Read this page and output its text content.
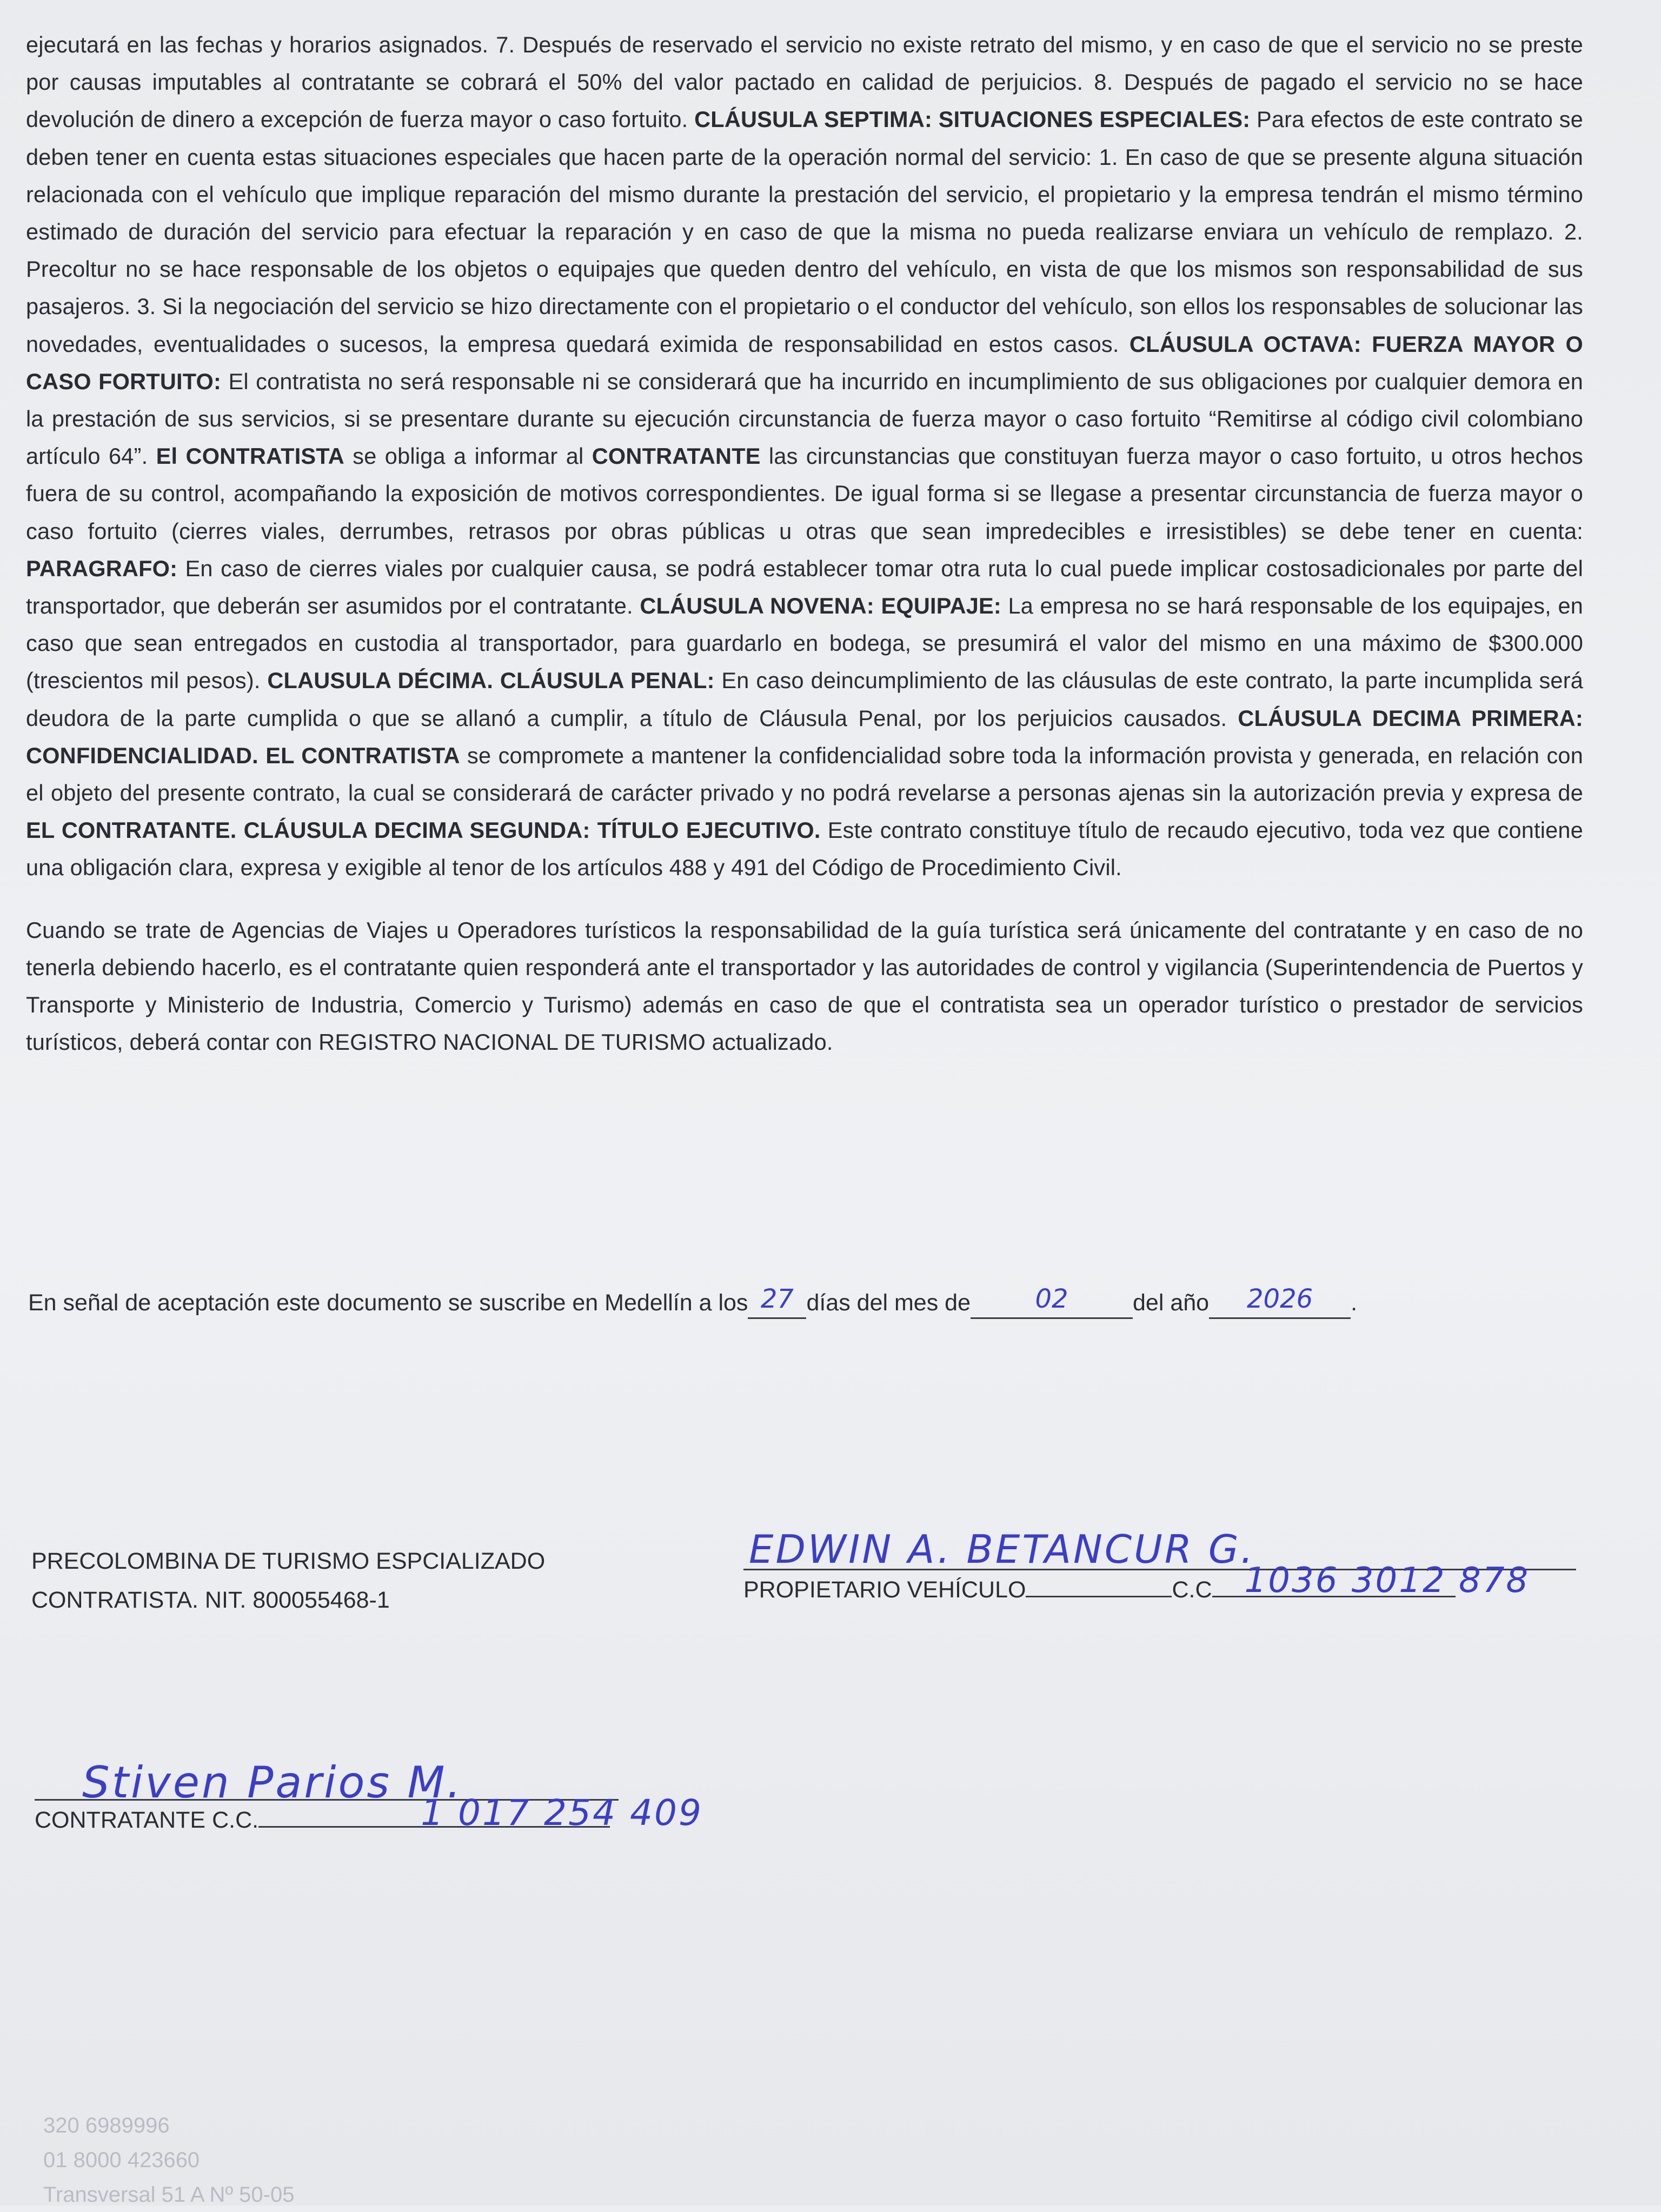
ejecutará en las fechas y horarios asignados. 7. Después de reservado el servicio no existe retrato del mismo, y en caso de que el servicio no se preste por causas imputables al contratante se cobrará el 50% del valor pactado en calidad de perjuicios. 8. Después de pagado el servicio no se hace devolución de dinero a excepción de fuerza mayor o caso fortuito. CLÁUSULA SEPTIMA: SITUACIONES ESPECIALES: Para efectos de este contrato se deben tener en cuenta estas situaciones especiales que hacen parte de la operación normal del servicio: 1. En caso de que se presente alguna situación relacionada con el vehículo que implique reparación del mismo durante la prestación del servicio, el propietario y la empresa tendrán el mismo término estimado de duración del servicio para efectuar la reparación y en caso de que la misma no pueda realizarse enviara un vehículo de remplazo. 2. Precoltur no se hace responsable de los objetos o equipajes que queden dentro del vehículo, en vista de que los mismos son responsabilidad de sus pasajeros. 3. Si la negociación del servicio se hizo directamente con el propietario o el conductor del vehículo, son ellos los responsables de solucionar las novedades, eventualidades o sucesos, la empresa quedará eximida de responsabilidad en estos casos. CLÁUSULA OCTAVA: FUERZA MAYOR O CASO FORTUITO: El contratista no será responsable ni se considerará que ha incurrido en incumplimiento de sus obligaciones por cualquier demora en la prestación de sus servicios, si se presentare durante su ejecución circunstancia de fuerza mayor o caso fortuito “Remitirse al código civil colombiano artículo 64”. El CONTRATISTA se obliga a informar al CONTRATANTE las circunstancias que constituyan fuerza mayor o caso fortuito, u otros hechos fuera de su control, acompañando la exposición de motivos correspondientes. De igual forma si se llegase a presentar circunstancia de fuerza mayor o caso fortuito (cierres viales, derrumbes, retrasos por obras públicas u otras que sean impredecibles e irresistibles) se debe tener en cuenta: PARAGRAFO: En caso de cierres viales por cualquier causa, se podrá establecer tomar otra ruta lo cual puede implicar costosadicionales por parte del transportador, que deberán ser asumidos por el contratante. CLÁUSULA NOVENA: EQUIPAJE: La empresa no se hará responsable de los equipajes, en caso que sean entregados en custodia al transportador, para guardarlo en bodega, se presumirá el valor del mismo en una máximo de $300.000 (trescientos mil pesos). CLAUSULA DÉCIMA. CLÁUSULA PENAL: En caso deincumplimiento de las cláusulas de este contrato, la parte incumplida será deudora de la parte cumplida o que se allanó a cumplir, a título de Cláusula Penal, por los perjuicios causados. CLÁUSULA DECIMA PRIMERA: CONFIDENCIALIDAD. EL CONTRATISTA se compromete a mantener la confidencialidad sobre toda la información provista y generada, en relación con el objeto del presente contrato, la cual se considerará de carácter privado y no podrá revelarse a personas ajenas sin la autorización previa y expresa de EL CONTRATANTE. CLÁUSULA DECIMA SEGUNDA: TÍTULO EJECUTIVO. Este contrato constituye título de recaudo ejecutivo, toda vez que contiene una obligación clara, expresa y exigible al tenor de los artículos 488 y 491 del Código de Procedimiento Civil.

Cuando se trate de Agencias de Viajes u Operadores turísticos la responsabilidad de la guía turística será únicamente del contratante y en caso de no tenerla debiendo hacerlo, es el contratante quien responderá ante el transportador y las autoridades de control y vigilancia (Superintendencia de Puertos y Transporte y Ministerio de Industria, Comercio y Turismo) además en caso de que el contratista sea un operador turístico o prestador de servicios turísticos, deberá contar con REGISTRO NACIONAL DE TURISMO actualizado.

En señal de aceptación este documento se suscribe en Medellín a los 27 días del mes de	02	del año	2026	.
PRECOLOMBINA DE TURISMO ESPCIALIZADO
CONTRATISTA. NIT. 800055468-1
EDWIN A. BETANCUR G.
PROPIETARIO VEHÍCULO	C.C 1036 3012 878
Stiven Parios M.
CONTRATANTE C.C.	1 017 254 409
320 6989996
01 8000 423660
Transversal 51 A Nº 50-05
